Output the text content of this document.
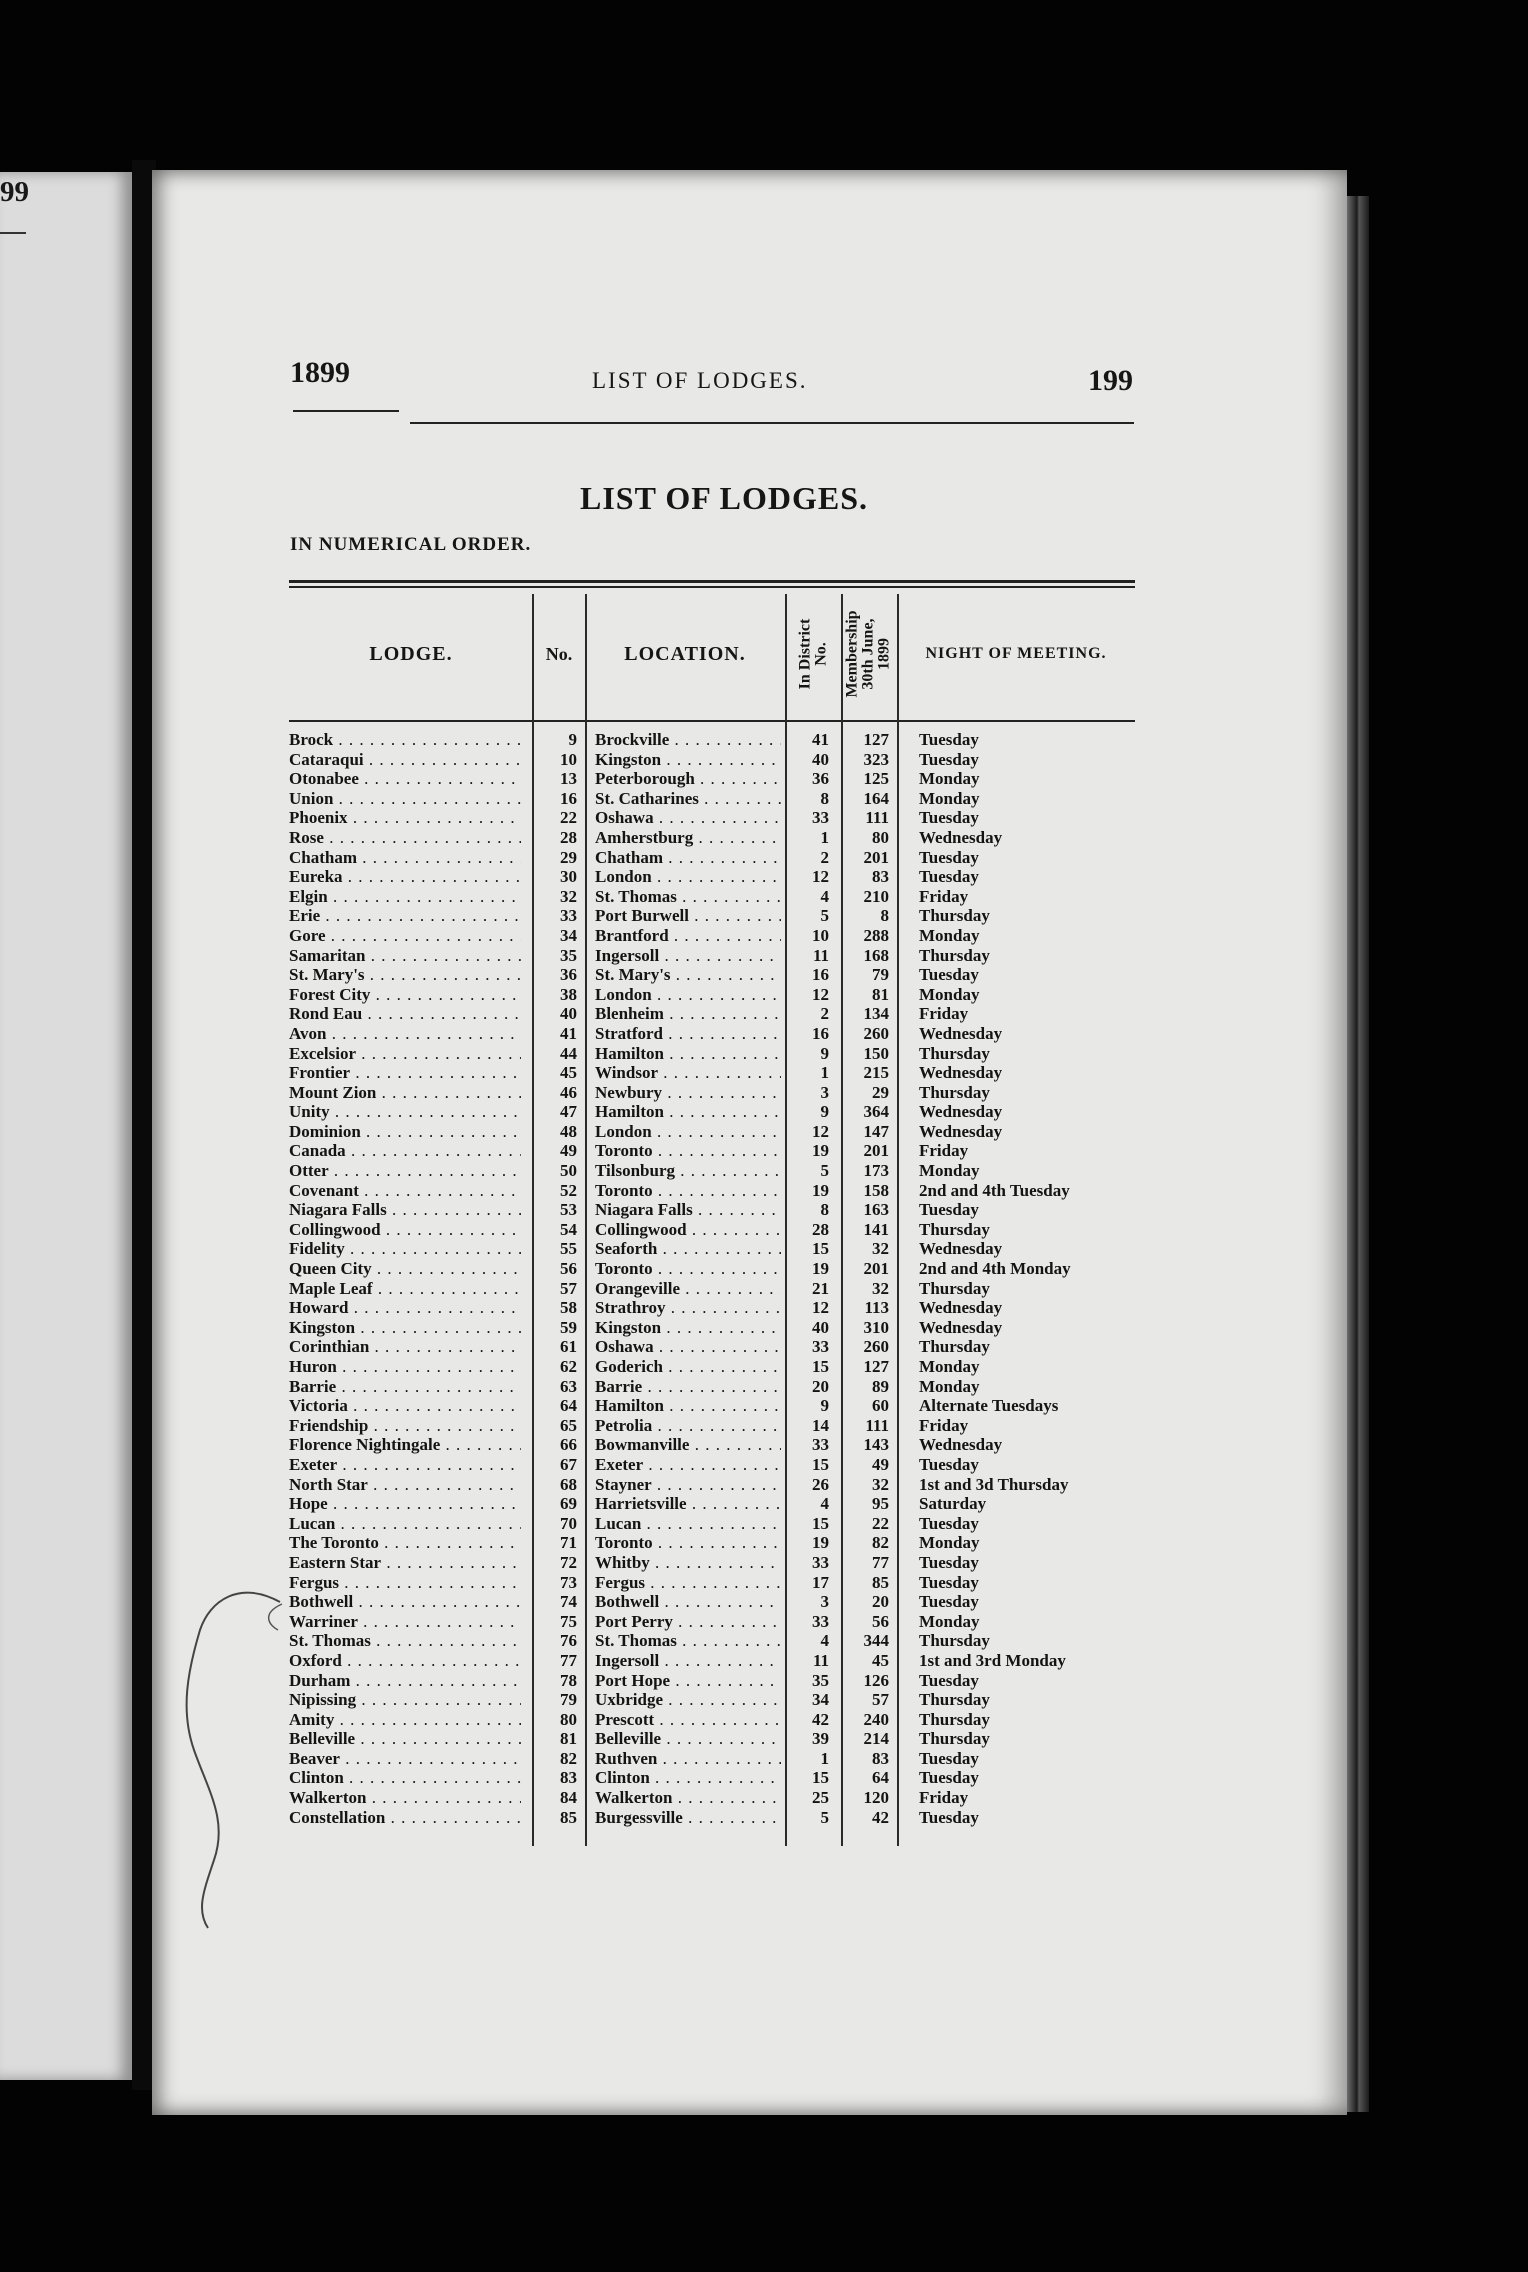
99
1899	LIST OF LODGES.	199
LIST OF LODGES.
IN NUMERICAL ORDER.
LODGE.	No.	LOCATION.	In District No. Membership 30th June, 1899	NIGHT OF MEETING.
Brock . . .	9 Brockville . . .	41	127 Tuesday
Cataraqui . . .	10 Kingston . . .	40	323 Tuesday
Otonabee . . .	13 Peterborough . . .	36	125 Monday
Union . . .	16 St. Catharines . . .	8	164 Monday
Phoenix . . .	22 Oshawa . . .	33	111 Tuesday
Rose . . .	28 Amherstburg . . .	1	80 Wednesday
Chatham . . .	29 Chatham . . .	2	201 Tuesday
Eureka . . .	30 London . . .	12	83 Tuesday
Elgin . . .	32 St. Thomas . . .	4	210 Friday
Erie . . .	33 Port Burwell . . .	5	8 Thursday
Gore . . .	34 Brantford . . .	10	288 Monday
Samaritan . . .	35 Ingersoll . . .	11	168 Thursday
St. Mary's . . .	36 St. Mary's . . .	16	79 Tuesday
Forest City . . .	38 London . . .	12	81 Monday
Rond Eau . . .	40 Blenheim . . .	2	134 Friday
Avon . . .	41 Stratford . . .	16	260 Wednesday
Excelsior . . .	44 Hamilton . . .	9	150 Thursday
Frontier . . .	45 Windsor . . .	1	215 Wednesday
Mount Zion . . .	46 Newbury . . .	3	29 Thursday
Unity . . .	47 Hamilton . . .	9	364 Wednesday
Dominion . . .	48 London . . .	12	147 Wednesday
Canada . . .	49 Toronto . . .	19	201 Friday
Otter . . .	50 Tilsonburg . . .	5	173 Monday
Covenant . . .	52 Toronto . . .	19	158 2nd and 4th Tuesday
Niagara Falls . . .	53 Niagara Falls . . .	8	163 Tuesday
Collingwood . . .	54 Collingwood . . .	28	141 Thursday
Fidelity . . .	55 Seaforth . . .	15	32 Wednesday
Queen City . . .	56 Toronto . . .	19	201 2nd and 4th Monday
Maple Leaf . . .	57 Orangeville . . .	21	32 Thursday
Howard . . .	58 Strathroy . . .	12	113 Wednesday
Kingston . . .	59 Kingston . . .	40	310 Wednesday
Corinthian . . .	61 Oshawa . . .	33	260 Thursday
Huron . . .	62 Goderich . . .	15	127 Monday
Barrie . . .	63 Barrie . . .	20	89 Monday
Victoria . . .	64 Hamilton . . .	9	60 Alternate Tuesdays
Friendship . . .	65 Petrolia . . .	14	111 Friday
Florence Nightingale . . .	66 Bowmanville . . .	33	143 Wednesday
Exeter . . .	67 Exeter . . .	15	49 Tuesday
North Star . . .	68 Stayner . . .	26	32 1st and 3d Thursday
Hope . . .	69 Harrietsville . . .	4	95 Saturday
Lucan . . .	70 Lucan . . .	15	22 Tuesday
The Toronto . . .	71 Toronto . . .	19	82 Monday
Eastern Star . . .	72 Whitby . . .	33	77 Tuesday
Fergus . . .	73 Fergus . . .	17	85 Tuesday
Bothwell . . .	74 Bothwell . . .	3	20 Tuesday
Warriner . . .	75 Port Perry . . .	33	56 Monday
St. Thomas . . .	76 St. Thomas . . .	4	344 Thursday
Oxford . . .	77 Ingersoll . . .	11	45 1st and 3rd Monday
Durham . . .	78 Port Hope . . .	35	126 Tuesday
Nipissing . . .	79 Uxbridge . . .	34	57 Thursday
Amity . . .	80 Prescott . . .	42	240 Thursday
Belleville . . .	81 Belleville . . .	39	214 Thursday
Beaver . . .	82 Ruthven . . .	1	83 Tuesday
Clinton . . .	83 Clinton . . .	15	64 Tuesday
Walkerton . . .	84 Walkerton . . .	25	120 Friday
Constellation . . .	85 Burgessville . . .	5	42 Tuesday
